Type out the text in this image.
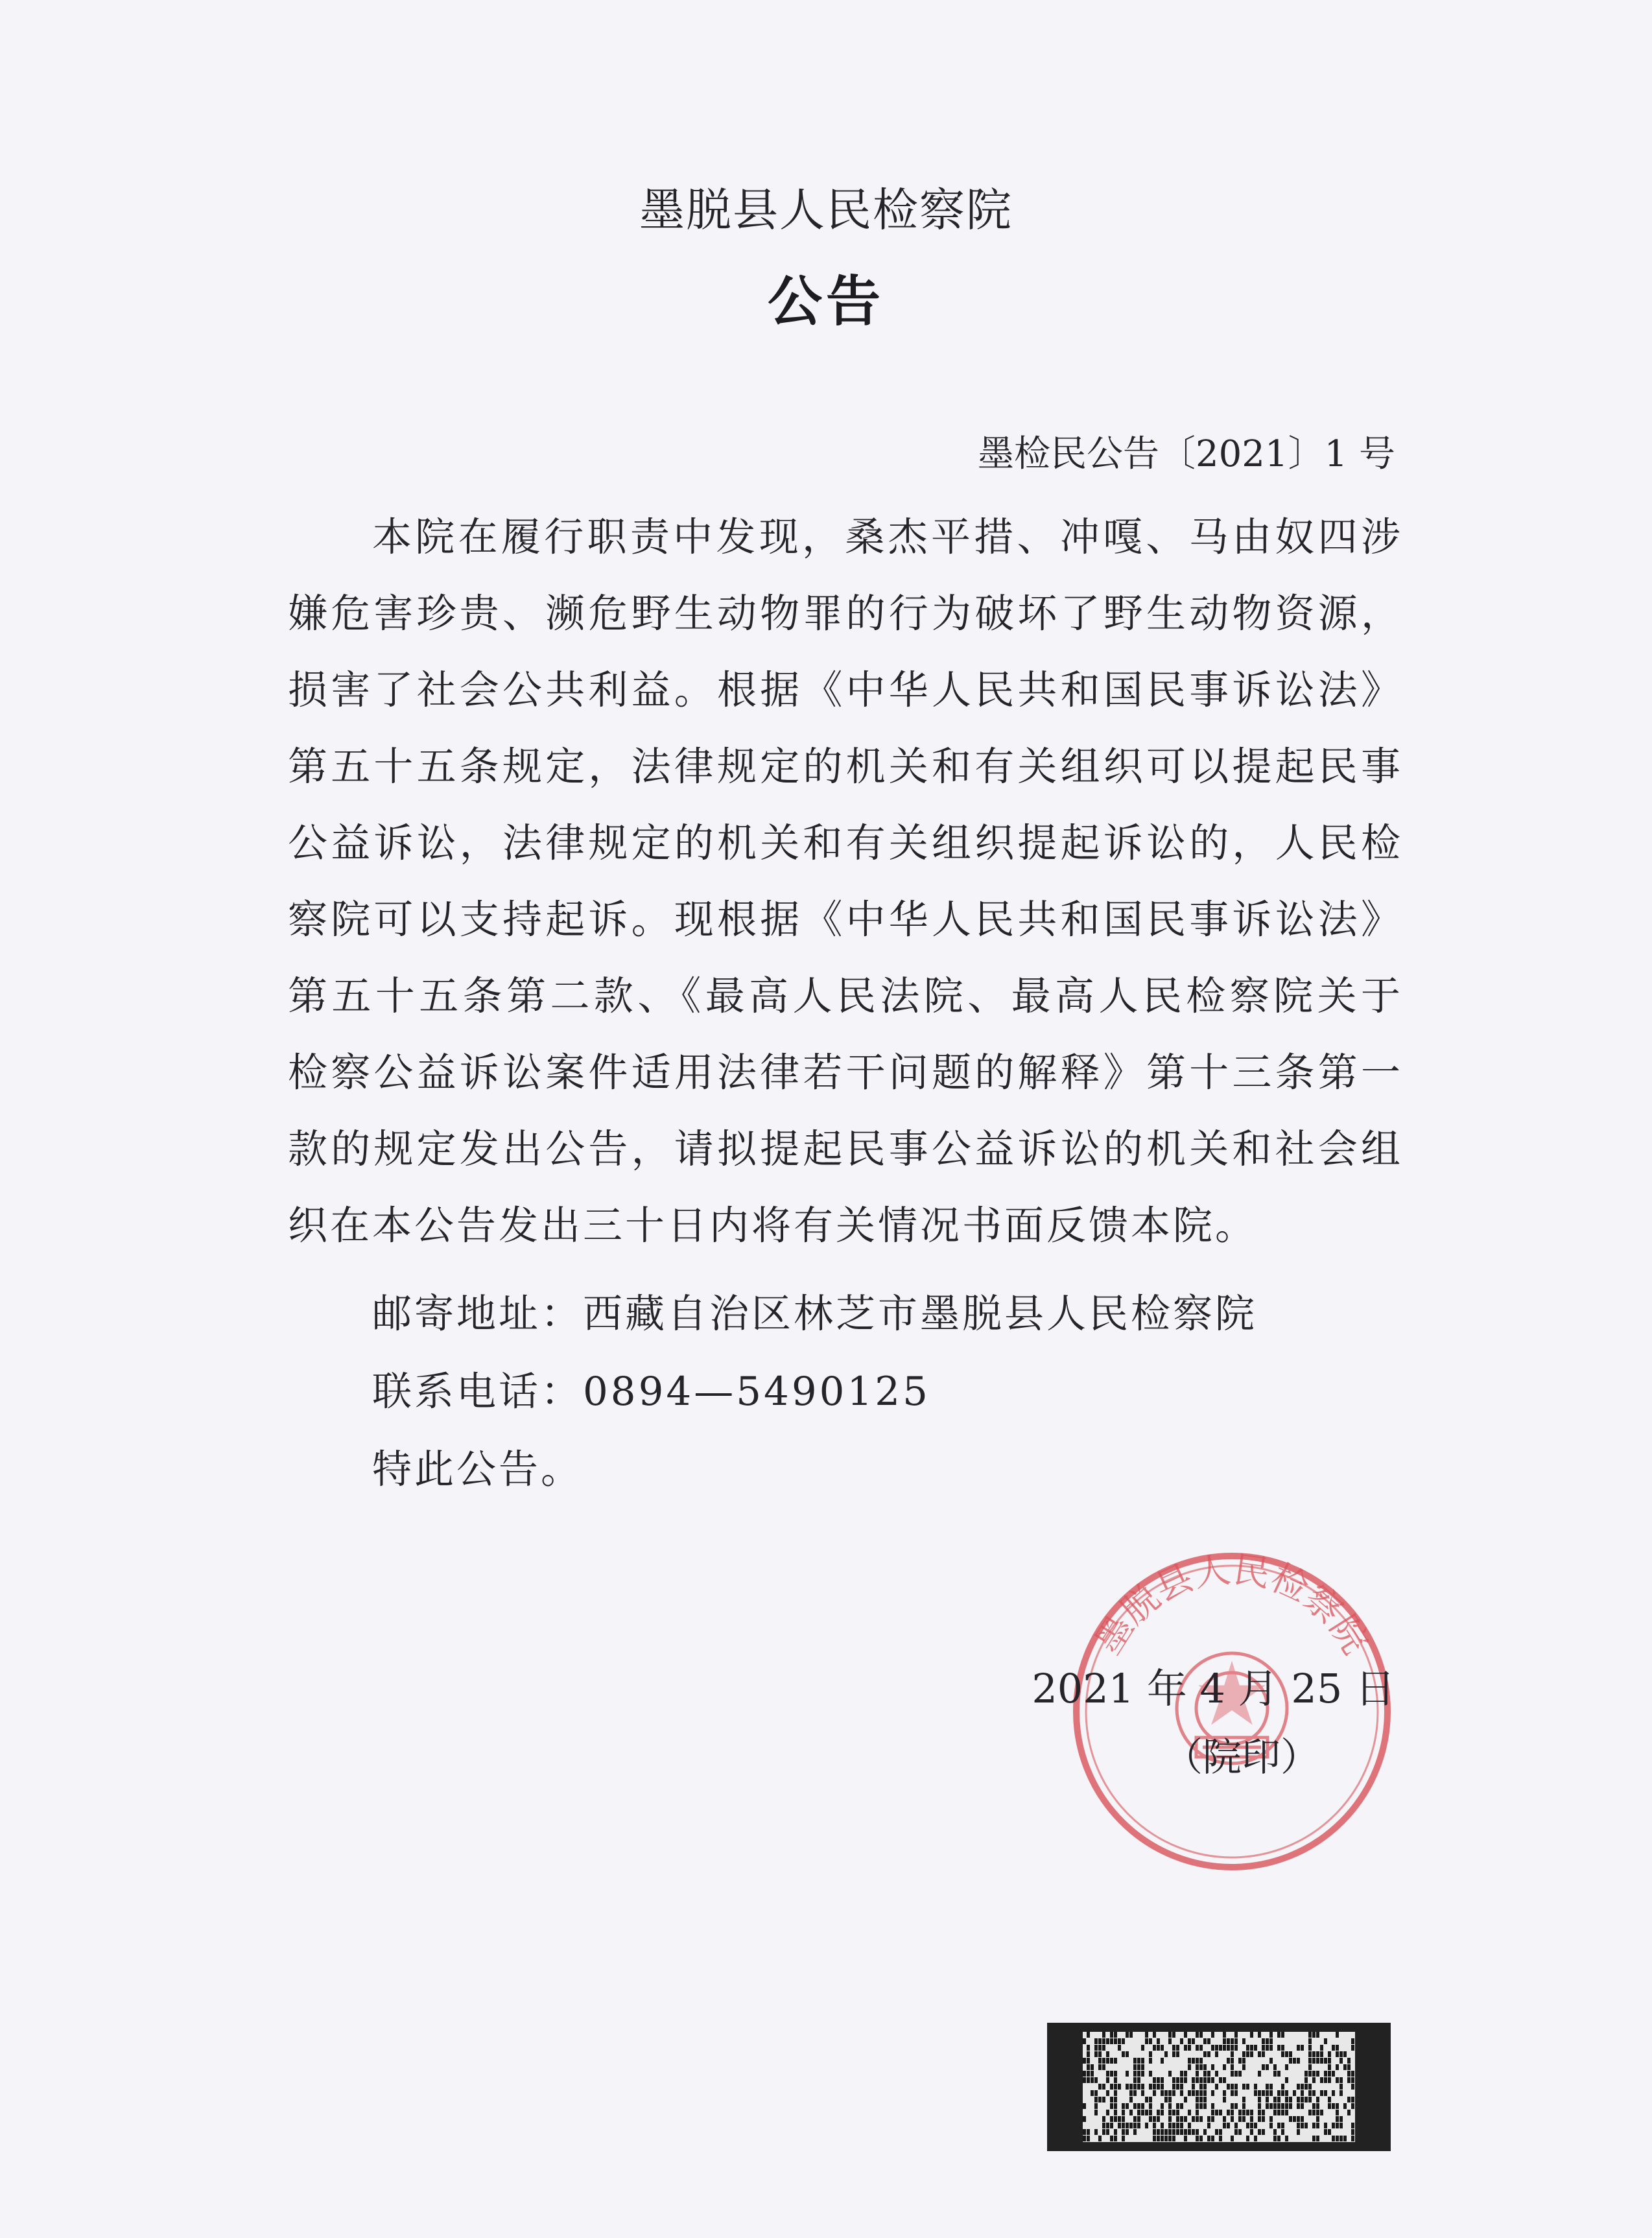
墨脱县人民检察院
公告
墨检民公告〔2021〕1 号
本院在履行职责中发现，桑杰平措、冲嘎、马由奴四涉嫌危害珍贵、濒危野生动物罪的行为破坏了野生动物资源，损害了社会公共利益。根据《中华人民共和国民事诉讼法》第五十五条规定，法律规定的机关和有关组织可以提起民事公益诉讼，法律规定的机关和有关组织提起诉讼的，人民检察院可以支持起诉。现根据《中华人民共和国民事诉讼法》第五十五条第二款、《最高人民法院、最高人民检察院关于检察公益诉讼案件适用法律若干问题的解释》第十三条第一款的规定发出公告，请拟提起民事公益诉讼的机关和社会组织在本公告发出三十日内将有关情况书面反馈本院。
邮寄地址：西藏自治区林芝市墨脱县人民检察院
联系电话：0894—5490125
特此公告。
墨脱县人民检察院
2021 年 4 月 25 日
（院印）
